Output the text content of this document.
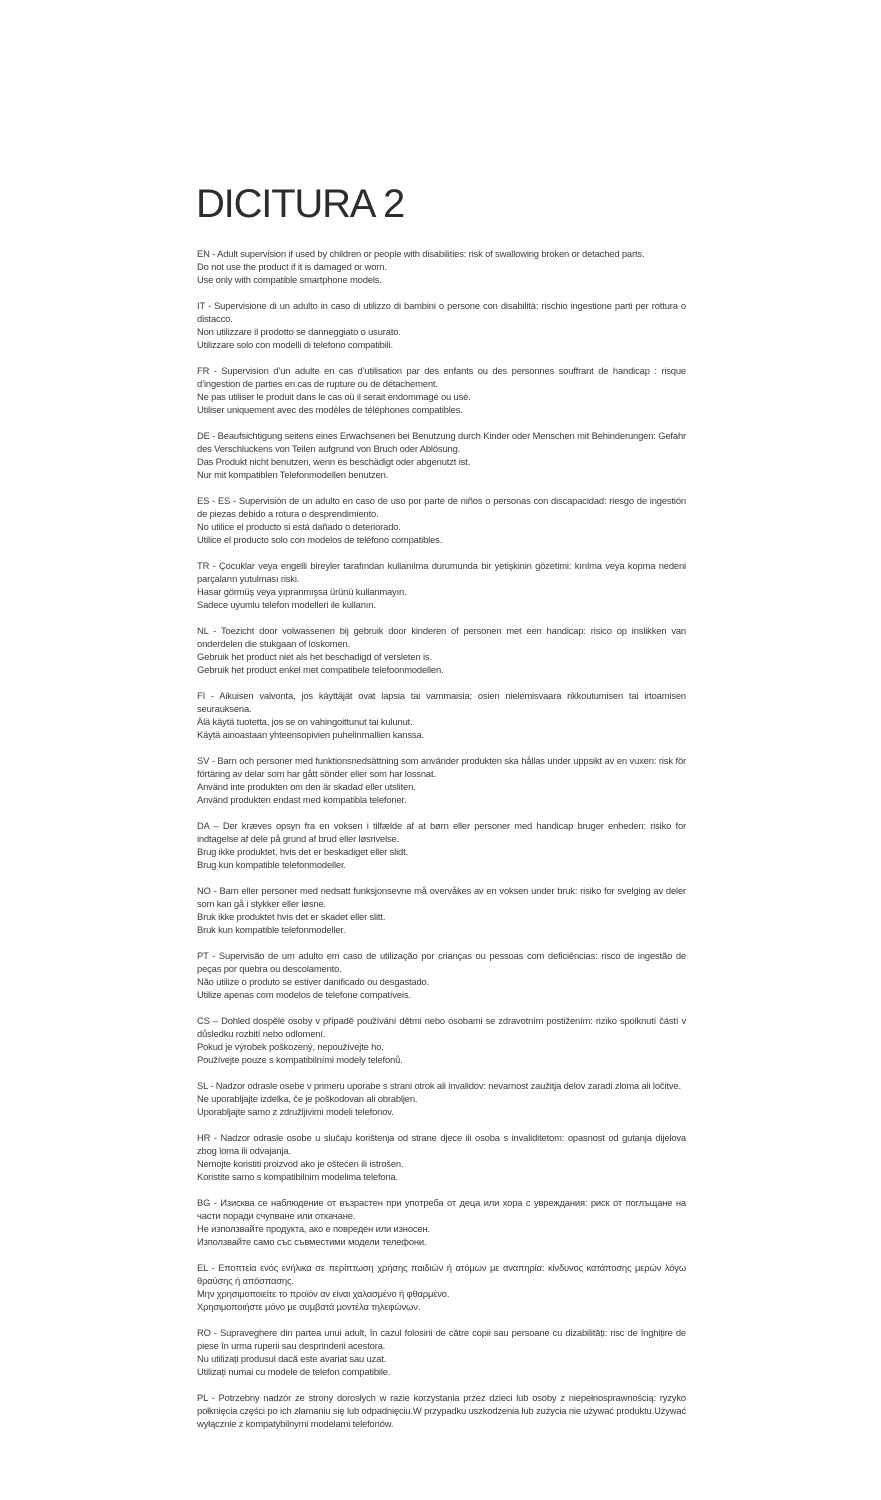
DICITURA 2
EN - Adult supervision if used by children or people with disabilities: risk of swallowing broken or detached parts.
Do not use the product if it is damaged or worn.
Use only with compatible smartphone models.
IT - Supervisione di un adulto in caso di utilizzo di bambini o persone con disabilità: rischio ingestione parti per rottura o distacco.
Non utilizzare il prodotto se danneggiato o usurato.
Utilizzare solo con modelli di telefono compatibili.
FR - Supervision d’un adulte en cas d’utilisation par des enfants ou des personnes souffrant de handicap : risque d’ingestion de parties en cas de rupture ou de détachement.
Ne pas utiliser le produit dans le cas où il serait endommagé ou usé.
Utiliser uniquement avec des modèles de téléphones compatibles.
DE - Beaufsichtigung seitens eines Erwachsenen bei Benutzung durch Kinder oder Menschen mit Behinderungen: Gefahr des Verschluckens von Teilen aufgrund von Bruch oder Ablösung.
Das Produkt nicht benutzen, wenn es beschädigt oder abgenutzt ist.
Nur mit kompatiblen Telefonmodellen benutzen.
ES - ES - Supervisión de un adulto en caso de uso por parte de niños o personas con discapacidad: riesgo de ingestión de piezas debido a rotura o desprendimiento.
No utilice el producto si está dañado o deteriorado.
Utilice el producto solo con modelos de teléfono compatibles.
TR - Çocuklar veya engelli bireyler tarafından kullanılma durumunda bir yetişkinin gözetimi: kırılma veya kopma nedeni parçaların yutulması riski.
Hasar görmüş veya yıpranmışsa ürünü kullanmayın.
Sadece uyumlu telefon modelleri ile kullanın.
NL - Toezicht door volwassenen bij gebruik door kinderen of personen met een handicap: risico op inslikken van onderdelen die stukgaan of loskomen.
Gebruik het product niet als het beschadigd of versleten is.
Gebruik het product enkel met compatibele telefoonmodellen.
FI - Aikuisen valvonta, jos käyttäjät ovat lapsia tai vammaisia; osien nielemisvaara rikkoutumisen tai irtoamisen seurauksena.
Älä käytä tuotetta, jos se on vahingoittunut tai kulunut.
Käytä ainoastaan yhteensopivien puhelinmallien kanssa.
SV - Barn och personer med funktionsnedsättning som använder produkten ska hållas under uppsikt av en vuxen: risk för förtäring av delar som har gått sönder eller som har lossnat.
Använd inte produkten om den är skadad eller utsliten.
Använd produkten endast med kompatibla telefoner.
DA – Der kræves opsyn fra en voksen i tilfælde af at børn eller personer med handicap bruger enheden: risiko for indtagelse af dele på grund af brud eller løsrivelse.
Brug ikke produktet, hvis det er beskadiget eller slidt.
Brug kun kompatible telefonmodeller.
NO - Barn eller personer med nedsatt funksjonsevne må overvåkes av en voksen under bruk: risiko for svelging av deler som kan gå i stykker eller løsne.
Bruk ikke produktet hvis det er skadet eller slitt.
Bruk kun kompatible telefonmodeller.
PT - Supervisão de um adulto em caso de utilização por crianças ou pessoas com deficiências: risco de ingestão de peças por quebra ou descolamento.
Não utilize o produto se estiver danificado ou desgastado.
Utilize apenas com modelos de telefone compatíveis.
CS – Dohled dospělé osoby v případě používání dětmi nebo osobami se zdravotním postižením: riziko spolknutí částí v důsledku rozbití nebo odlomení.
Pokud je výrobek poškozený, nepoužívejte ho.
Používejte pouze s kompatibilními modely telefonů.
SL - Nadzor odrasle osebe v primeru uporabe s strani otrok ali invalidov: nevarnost zaužitja delov zaradi zloma ali ločitve.
Ne uporabljajte izdelka, če je poškodovan ali obrabljen.
Uporabljajte samo z združljivimi modeli telefonov.
HR - Nadzor odrasle osobe u slučaju korištenja od strane djece ili osoba s invaliditetom: opasnost od gutanja dijelova zbog loma ili odvajanja.
Nemojte koristiti proizvod ako je oštećen ili istrošen.
Koristite samo s kompatibilnim modelima telefona.
BG - Изисква се наблюдение от възрастен при употреба от деца или хора с увреждания: риск от поглъщане на части поради счупване или откачане.
Не използвайте продукта, ако е повреден или износен.
Използвайте само със съвместими модели телефони.
EL - Εποπτεία ενός ενήλικα σε περίπτωση χρήσης παιδιών ή ατόμων με αναπηρία: κίνδυνος κατάποσης μερών λόγω θραύσης ή απόσπασης.
Μην χρησιμοποιείτε το προϊόν αν είναι χαλασμένο ή φθαρμένο.
Χρησιμοποιήστε μόνο με συμβατά μοντέλα τηλεφώνων.
RO - Supraveghere din partea unui adult, în cazul folosirii de către copii sau persoane cu dizabilități: risc de înghițire de piese în urma ruperii sau desprinderii acestora.
Nu utilizați produsul dacă este avariat sau uzat.
Utilizați numai cu modele de telefon compatibile.
PL - Potrzebny nadzór ze strony dorosłych w razie korzystania przez dzieci lub osoby z niepełnosprawnością: ryzyko połknięcia części po ich złamaniu się lub odpadnięciu.W przypadku uszkodzenia lub zużycia nie używać produktu.Używać wyłącznie z kompatybilnymi modelami telefonów.
